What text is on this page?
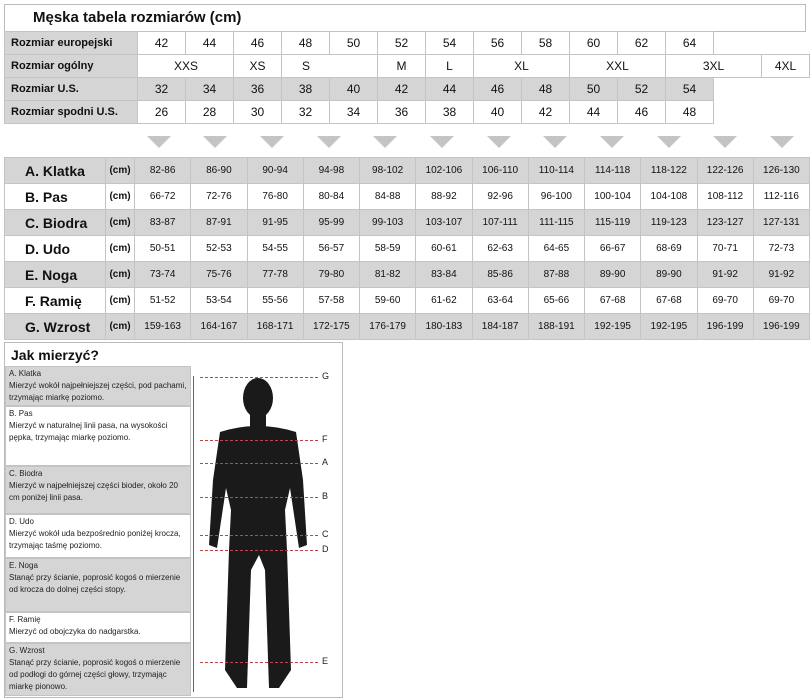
Męska tabela rozmiarów (cm)
Rozmiar europejski	42	44	46	48	50	52	54	56	58	60	62	64	
Rozmiar ogólny	XXS		XS	S		M	L	XL		XXL		3XL	4XL
Rozmiar U.S.	32	34	36	38	40	42	44	46	48	50	52	54	
Rozmiar spodni U.S.	26	28	30	32	34	36	38	40	42	44	46	48	
A. Klatka	(cm)	82-86	86-90	90-94	94-98	98-102	102-106	106-110	110-114	114-118	118-122	122-126	126-130
B. Pas	(cm)	66-72	72-76	76-80	80-84	84-88	88-92	92-96	96-100	100-104	104-108	108-112	112-116
C. Biodra	(cm)	83-87	87-91	91-95	95-99	99-103	103-107	107-111	111-115	115-119	119-123	123-127	127-131
D. Udo	(cm)	50-51	52-53	54-55	56-57	58-59	60-61	62-63	64-65	66-67	68-69	70-71	72-73
E. Noga	(cm)	73-74	75-76	77-78	79-80	81-82	83-84	85-86	87-88	89-90	89-90	91-92	91-92
F. Ramię	(cm)	51-52	53-54	55-56	57-58	59-60	61-62	63-64	65-66	67-68	67-68	69-70	69-70
G. Wzrost	(cm)	159-163	164-167	168-171	172-175	176-179	180-183	184-187	188-191	192-195	192-195	196-199	196-199
Jak mierzyć?
A. Klatka
Mierzyć wokół najpełniejszej części, pod pachami, trzymając miarkę poziomo.
B. Pas
Mierzyć w naturalnej linii pasa, na wysokości pępka, trzymając miarkę poziomo.
C. Biodra
Mierzyć w najpełniejszej części bioder, około 20 cm poniżej linii pasa.
D. Udo
Mierzyć wokół uda bezpośrednio poniżej krocza, trzymając taśmę poziomo.
E. Noga
Stanąć przy ścianie, poprosić kogoś o mierzenie od krocza do dolnej części stopy.
F. Ramię
Mierzyć od obojczyka do nadgarstka.
G. Wzrost
Stanąć przy ścianie, poprosić kogoś o mierzenie od podłogi do górnej części głowy, trzymając miarkę pionowo.
G
F
A
B
C
D
E
